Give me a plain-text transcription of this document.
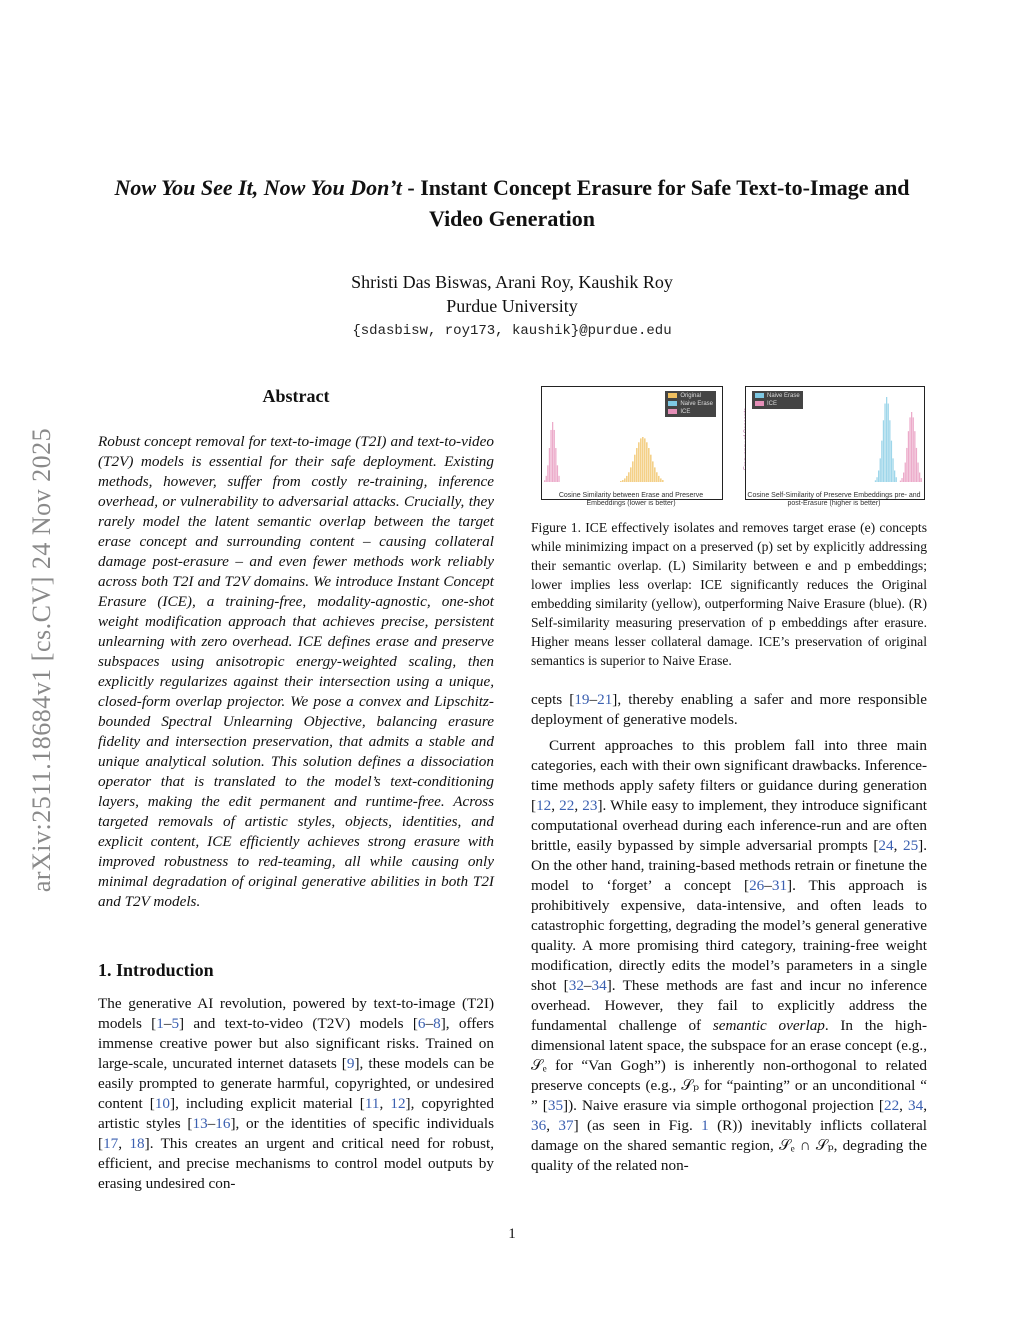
arXiv:2511.18684v1 [cs.CV] 24 Nov 2025
Now You See It, Now You Don’t - Instant Concept Erasure for Safe Text-to-Image and Video Generation
Shristi Das Biswas, Arani Roy, Kaushik Roy
Purdue University
{sdasbisw, roy173, kaushik}@purdue.edu
Abstract

Robust concept removal for text-to-image (T2I) and text-to-video (T2V) models is essential for their safe deployment. Existing methods, however, suffer from costly re-training, inference overhead, or vulnerability to adversarial attacks. Crucially, they rarely model the latent semantic overlap between the target erase concept and surrounding content – causing collateral damage post-erasure – and even fewer methods work reliably across both T2I and T2V domains. We introduce Instant Concept Erasure (ICE), a training-free, modality-agnostic, one-shot weight modification approach that achieves precise, persistent unlearning with zero overhead. ICE defines erase and preserve subspaces using anisotropic energy-weighted scaling, then explicitly regularizes against their intersection using a unique, closed-form overlap projector. We pose a convex and Lipschitz-bounded Spectral Unlearning Objective, balancing erasure fidelity and intersection preservation, that admits a stable and unique analytical solution. This solution defines a dissociation operator that is translated to the model’s text-conditioning layers, making the edit permanent and runtime-free. Across targeted removals of artistic styles, objects, identities, and explicit content, ICE efficiently achieves strong erasure with improved robustness to red-teaming, all while causing only minimal degradation of original generative abilities in both T2I and T2V models.

1. Introduction

The generative AI revolution, powered by text-to-image (T2I) models [1–5] and text-to-video (T2V) models [6–8], offers immense creative power but also significant risks. Trained on large-scale, uncurated internet datasets [9], these models can be easily prompted to generate harmful, copyrighted, or undesired content [10], including explicit material [11, 12], copyrighted artistic styles [13–16], or the identities of specific individuals [17, 18]. This creates an urgent and critical need for robust, efficient, and precise mechanisms to control model outputs by erasing undesired con-

Original
Naive Erase
ICE
Naive Erase
ICE
Cosine Similarity between Erase and Preserve Embeddings (lower is better)
Cosine Self-Similarity of Preserve Embeddings pre- and post-Erasure (higher is better)

Figure 1. ICE effectively isolates and removes target erase (e) concepts while minimizing impact on a preserved (p) set by explicitly addressing their semantic overlap. (L) Similarity between e and p embeddings; lower implies less overlap: ICE significantly reduces the Original embedding similarity (yellow), outperforming Naive Erasure (blue). (R) Self-similarity measuring preservation of p embeddings after erasure. Higher means lesser collateral damage. ICE’s preservation of original semantics is superior to Naive Erase.

cepts [19–21], thereby enabling a safer and more responsible deployment of generative models.

Current approaches to this problem fall into three main categories, each with their own significant drawbacks. Inference-time methods apply safety filters or guidance during generation [12, 22, 23]. While easy to implement, they introduce significant computational overhead during each inference-run and are often brittle, easily bypassed by simple adversarial prompts [24, 25]. On the other hand, training-based methods retrain or finetune the model to ‘forget’ a concept [26–31]. This approach is prohibitively expensive, data-intensive, and often leads to catastrophic forgetting, degrading the model’s general generative quality. A more promising third category, training-free weight modification, directly edits the model’s parameters in a single shot [32–34]. These methods are fast and incur no inference overhead. However, they fail to explicitly address the fundamental challenge of semantic overlap. In the high-dimensional latent space, the subspace for an erase concept (e.g., 𝒮ₑ for “Van Gogh”) is inherently non-orthogonal to related preserve concepts (e.g., 𝒮ₚ for “painting” or an unconditional “ ” [35]). Naive erasure via simple orthogonal projection [22, 34, 36, 37] (as seen in Fig. 1 (R)) inevitably inflicts collateral damage on the shared semantic region, 𝒮ₑ ∩ 𝒮ₚ, degrading the quality of the related non-

1
